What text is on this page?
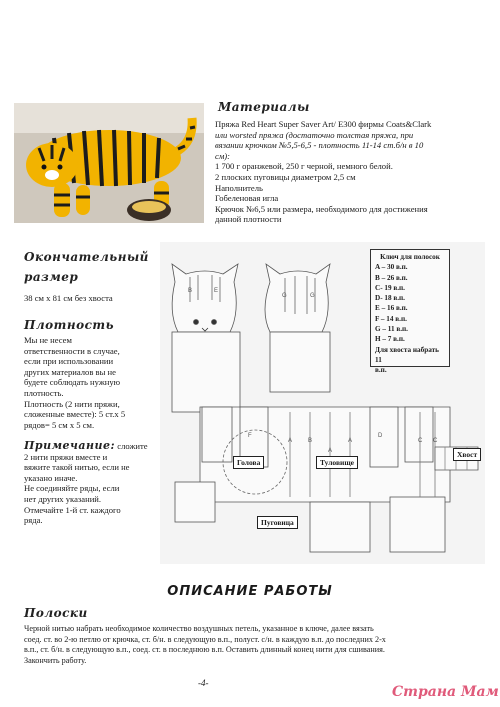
Материалы
Пряжа Red Heart Super Saver Art/ E300 фирмы Coats&Clark
или worsted пряжа (достаточно толстая пряжа, при
вязании крючком №5,5-6,5 - плотность 11-14 ст.б/н в 10
см):
1 700 г оранжевой, 250 г черной, немного белой.
2 плоских пуговицы диаметром 2,5 см
Наполнитель
Гобеленовая игла
Крючок №6,5 или размера, необходимого для достижения
данной плотности
Окончательный
размер
38 см х 81 см без хвоста
Плотность
Мы не несем
ответственности в случае,
если при использовании
других материалов вы не
будете соблюдать нужную
плотность.
Плотность (2 нити пряжи,
сложенные вместе): 5 ст.х 5
рядов= 5 см х 5 см.
Примечание: сложите
2 нити пряжи вместе и
вяжите такой нитью, если не
указано иначе.
Не соединяйте ряды, если
нет других указаний.
Отмечайте 1-й ст. каждого
ряда.
B	E
G	G
A	B
A
A	C C
F	D
Ключ для полосок
A – 30 в.п.
B – 26 в.п.
C- 19 в.п.
D- 18 в.п.
E – 16 в.п.
F – 14 в.п.
G – 11 в.п.
H – 7 в.п.
Для хвоста набрать 11
в.п.
Голова	Туловище
Хвост
Пуговица
ОПИСАНИЕ РАБОТЫ
Полоски
Черной нитью набрать необходимое количество воздушных петель, указанное в ключе, далее вязать
соед. ст. во 2-ю петлю от крючка, ст. б/н. в следующую в.п., полуст. с/н. в каждую в.п. до последних 2-х
в.п., ст. б/н. в следующую в.п., соед. ст. в последнюю в.п. Оставить длинный конец нити для сшивания.
Закончить работу.
-4-
Страна Мам
